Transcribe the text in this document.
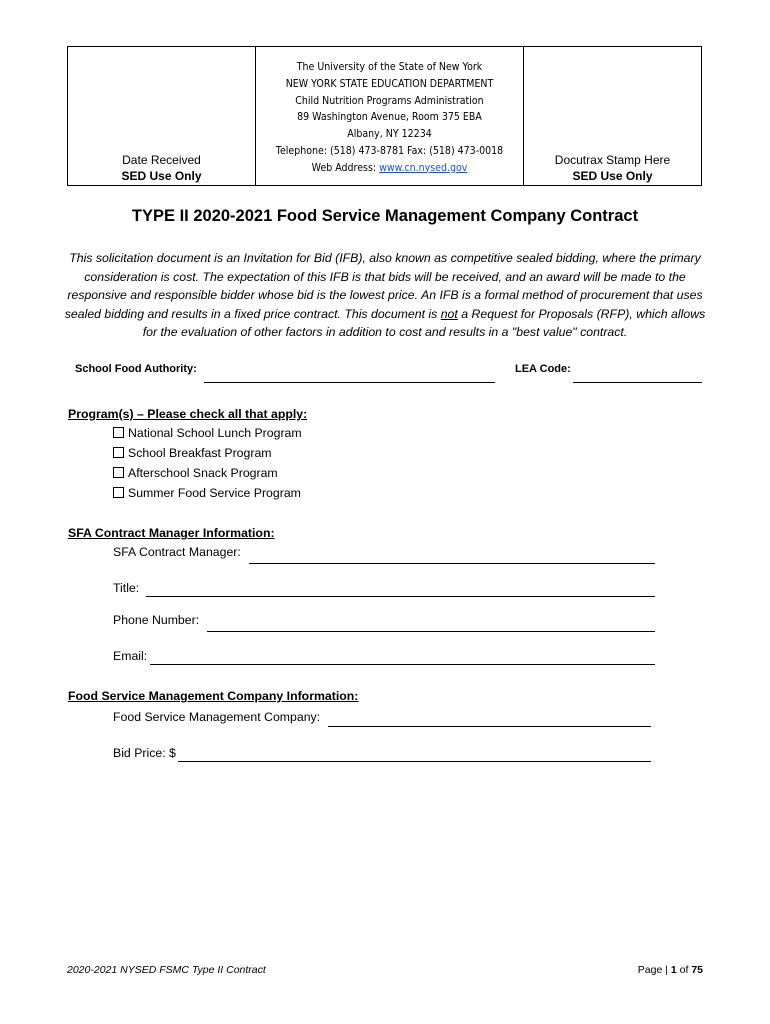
Date Received
SED Use Only
The University of the State of New York
NEW YORK STATE EDUCATION DEPARTMENT
Child Nutrition Programs Administration
89 Washington Avenue, Room 375 EBA
Albany, NY 12234
Telephone: (518) 473-8781 Fax: (518) 473-0018
Web Address: www.cn.nysed.gov
Docutrax Stamp Here
SED Use Only
TYPE II 2020-2021 Food Service Management Company Contract
This solicitation document is an Invitation for Bid (IFB), also known as competitive sealed bidding, where the primary consideration is cost. The expectation of this IFB is that bids will be received, and an award will be made to the responsive and responsible bidder whose bid is the lowest price. An IFB is a formal method of procurement that uses sealed bidding and results in a fixed price contract. This document is not a Request for Proposals (RFP), which allows for the evaluation of other factors in addition to cost and results in a "best value" contract.
School Food Authority:	LEA Code:
Program(s) – Please check all that apply:
National School Lunch Program
School Breakfast Program
Afterschool Snack Program
Summer Food Service Program
SFA Contract Manager Information:
SFA Contract Manager:
Title:
Phone Number:
Email:
Food Service Management Company Information:
Food Service Management Company:
Bid Price: $
2020-2021 NYSED FSMC Type II Contract	Page | 1 of 75
